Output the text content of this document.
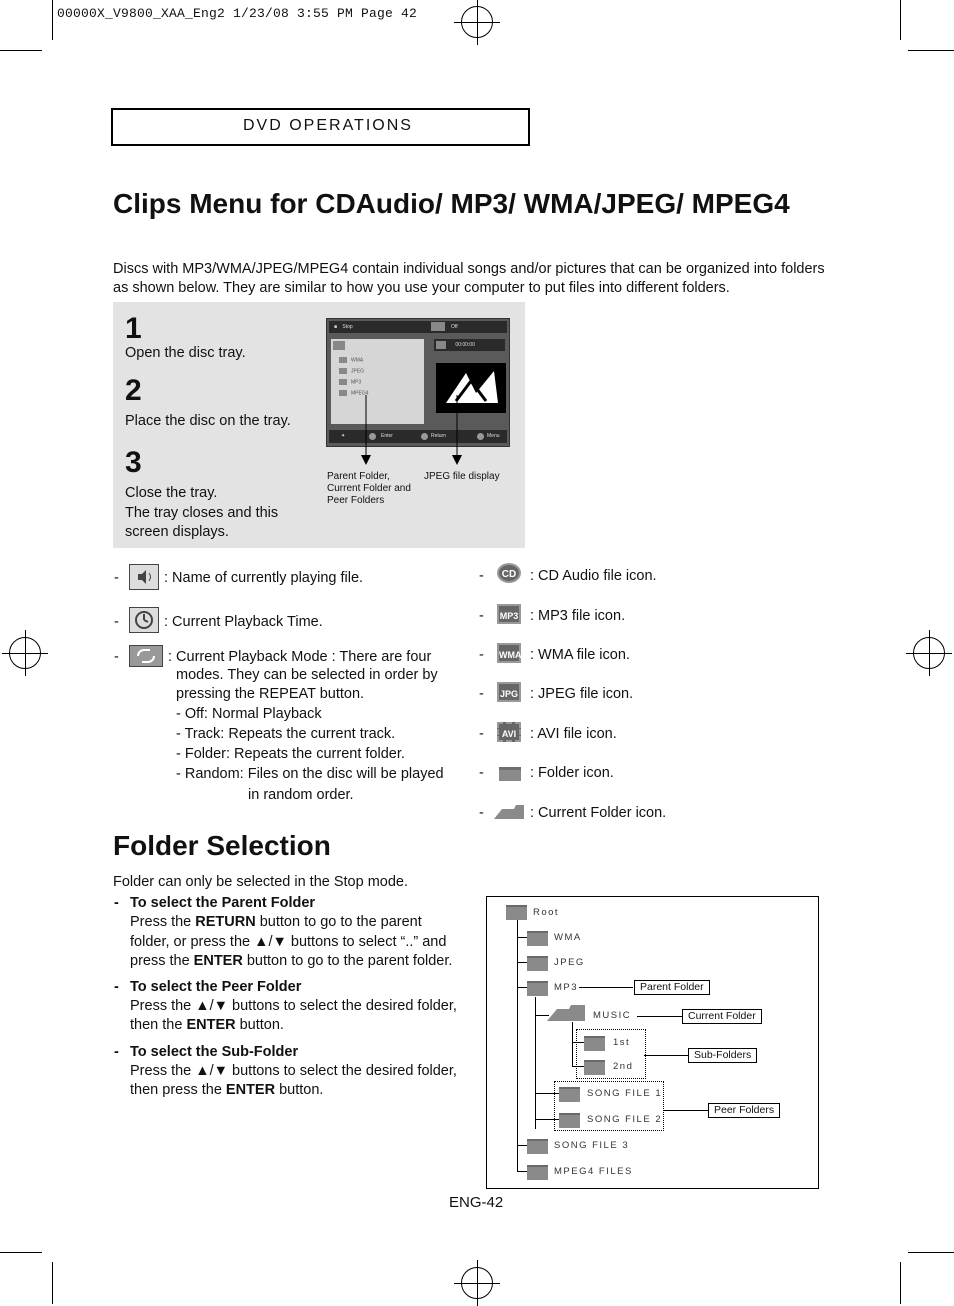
00000X_V9800_XAA_Eng2 1/23/08 3:55 PM Page 42
DVD OPERATIONS
Clips Menu for CDAudio/ MP3/ WMA/JPEG/ MPEG4
Discs with MP3/WMA/JPEG/MPEG4 contain individual songs and/or pictures that can be organized into folders as shown below. They are similar to how you use your computer to put files into different folders.
1
Open the disc tray.
2
Place the disc on the tray.
3
Close the tray.
The tray closes and this screen displays.
■ Stop	Off
WMA
JPEG
MP3
MPEG4
00:00:00
✦	Enter	Return	Menu
Parent Folder, Current Folder and Peer Folders
JPEG file display
-	: Name of currently playing file.
-	: Current Playback Time.
-	: Current Playback Mode : There are four
modes. They can be selected in order by
pressing the REPEAT button.
- Off: Normal Playback
- Track: Repeats the current track.
- Folder: Repeats the current folder.
- Random: Files on the disc will be played
in random order.
-	CD : CD Audio file icon.
-	MP3 : MP3 file icon.
- WMA : WMA file icon.
-	JPG : JPEG file icon.
-	AVI : AVI file icon.
-	: Folder icon.
-	: Current Folder icon.
Folder Selection
Folder can only be selected in the Stop mode.
- To select the Parent Folder
Press the RETURN button to go to the parent
folder, or press the ▲/▼ buttons to select “..” and
press the ENTER button to go to the parent folder.
- To select the Peer Folder
Press the ▲/▼ buttons to select the desired folder,
then the ENTER button.
- To select the Sub-Folder
Press the ▲/▼ buttons to select the desired folder,
then press the ENTER button.
Root
WMA
JPEG
MP3
MUSIC
1st
2nd
SONG FILE 1
SONG FILE 2
SONG FILE 3
MPEG4 FILES
Parent Folder
Current Folder
Sub-Folders
Peer Folders
ENG-42
